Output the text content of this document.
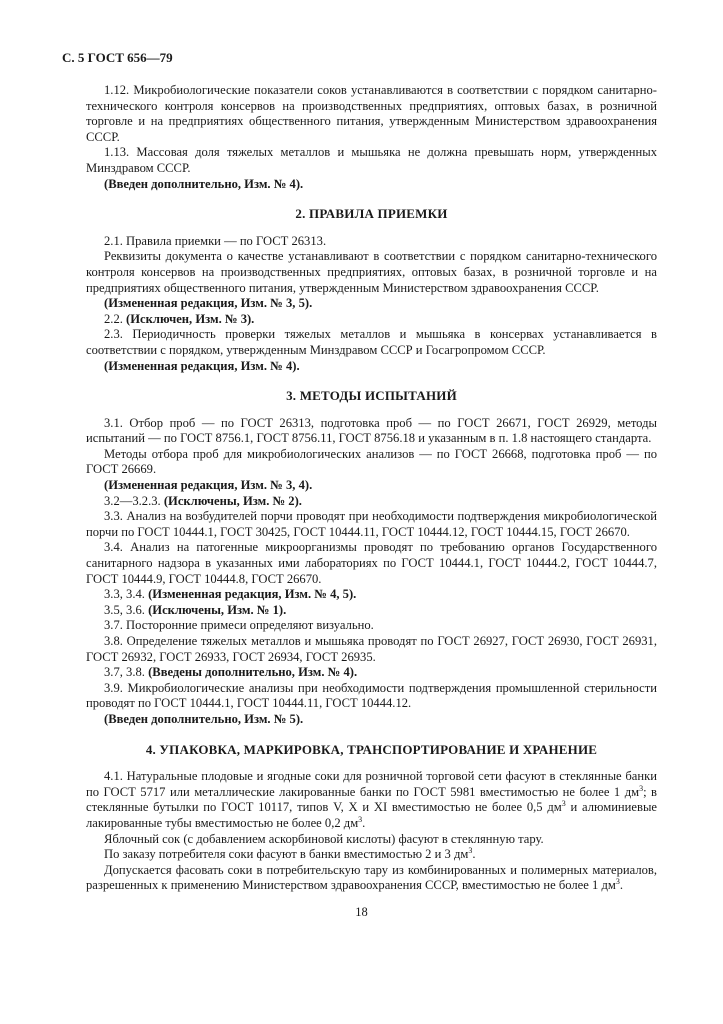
С. 5 ГОСТ 656—79

1.12. Микробиологические показатели соков устанавливаются в соответствии с порядком санитарно-технического контроля консервов на производственных предприятиях, оптовых базах, в розничной торговле и на предприятиях общественного питания, утвержденным Министерством здравоохранения СССР.

1.13. Массовая доля тяжелых металлов и мышьяка не должна превышать норм, утвержденных Минздравом СССР.

(Введен дополнительно, Изм. № 4).

2. ПРАВИЛА ПРИЕМКИ

2.1. Правила приемки — по ГОСТ 26313.

Реквизиты документа о качестве устанавливают в соответствии с порядком санитарно-технического контроля консервов на производственных предприятиях, оптовых базах, в розничной торговле и на предприятиях общественного питания, утвержденным Министерством здравоохранения СССР.

(Измененная редакция, Изм. № 3, 5).

2.2. (Исключен, Изм. № 3).

2.3. Периодичность проверки тяжелых металлов и мышьяка в консервах устанавливается в соответствии с порядком, утвержденным Минздравом СССР и Госагропромом СССР.

(Измененная редакция, Изм. № 4).

3. МЕТОДЫ ИСПЫТАНИЙ

3.1. Отбор проб — по ГОСТ 26313, подготовка проб — по ГОСТ 26671, ГОСТ 26929, методы испытаний — по ГОСТ 8756.1, ГОСТ 8756.11, ГОСТ 8756.18 и указанным в п. 1.8 настоящего стандарта.

Методы отбора проб для микробиологических анализов — по ГОСТ 26668, подготовка проб — по ГОСТ 26669.

(Измененная редакция, Изм. № 3, 4).

3.2—3.2.3. (Исключены, Изм. № 2).

3.3. Анализ на возбудителей порчи проводят при необходимости подтверждения микробиологической порчи по ГОСТ 10444.1, ГОСТ 30425, ГОСТ 10444.11, ГОСТ 10444.12, ГОСТ 10444.15, ГОСТ 26670.

3.4. Анализ на патогенные микроорганизмы проводят по требованию органов Государственного санитарного надзора в указанных ими лабораториях по ГОСТ 10444.1, ГОСТ 10444.2, ГОСТ 10444.7, ГОСТ 10444.9, ГОСТ 10444.8, ГОСТ 26670.

3.3, 3.4. (Измененная редакция, Изм. № 4, 5).

3.5, 3.6. (Исключены, Изм. № 1).

3.7. Посторонние примеси определяют визуально.

3.8. Определение тяжелых металлов и мышьяка проводят по ГОСТ 26927, ГОСТ 26930, ГОСТ 26931, ГОСТ 26932, ГОСТ 26933, ГОСТ 26934, ГОСТ 26935.

3.7, 3.8. (Введены дополнительно, Изм. № 4).

3.9. Микробиологические анализы при необходимости подтверждения промышленной стерильности проводят по ГОСТ 10444.1, ГОСТ 10444.11, ГОСТ 10444.12.

(Введен дополнительно, Изм. № 5).

4. УПАКОВКА, МАРКИРОВКА, ТРАНСПОРТИРОВАНИЕ И ХРАНЕНИЕ

4.1. Натуральные плодовые и ягодные соки для розничной торговой сети фасуют в стеклянные банки по ГОСТ 5717 или металлические лакированные банки по ГОСТ 5981 вместимостью не более 1 $дм^3$; в стеклянные бутылки по ГОСТ 10117, типов V, X и XI вместимостью не более 0,5 $дм^3$ и алюминиевые лакированные тубы вместимостью не более 0,2 $дм^3$.

Яблочный сок (с добавлением аскорбиновой кислоты) фасуют в стеклянную тару.

По заказу потребителя соки фасуют в банки вместимостью 2 и 3 $дм^3$.

Допускается фасовать соки в потребительскую тару из комбинированных и полимерных материалов, разрешенных к применению Министерством здравоохранения СССР, вместимостью не более 1 $дм^3$.

18
